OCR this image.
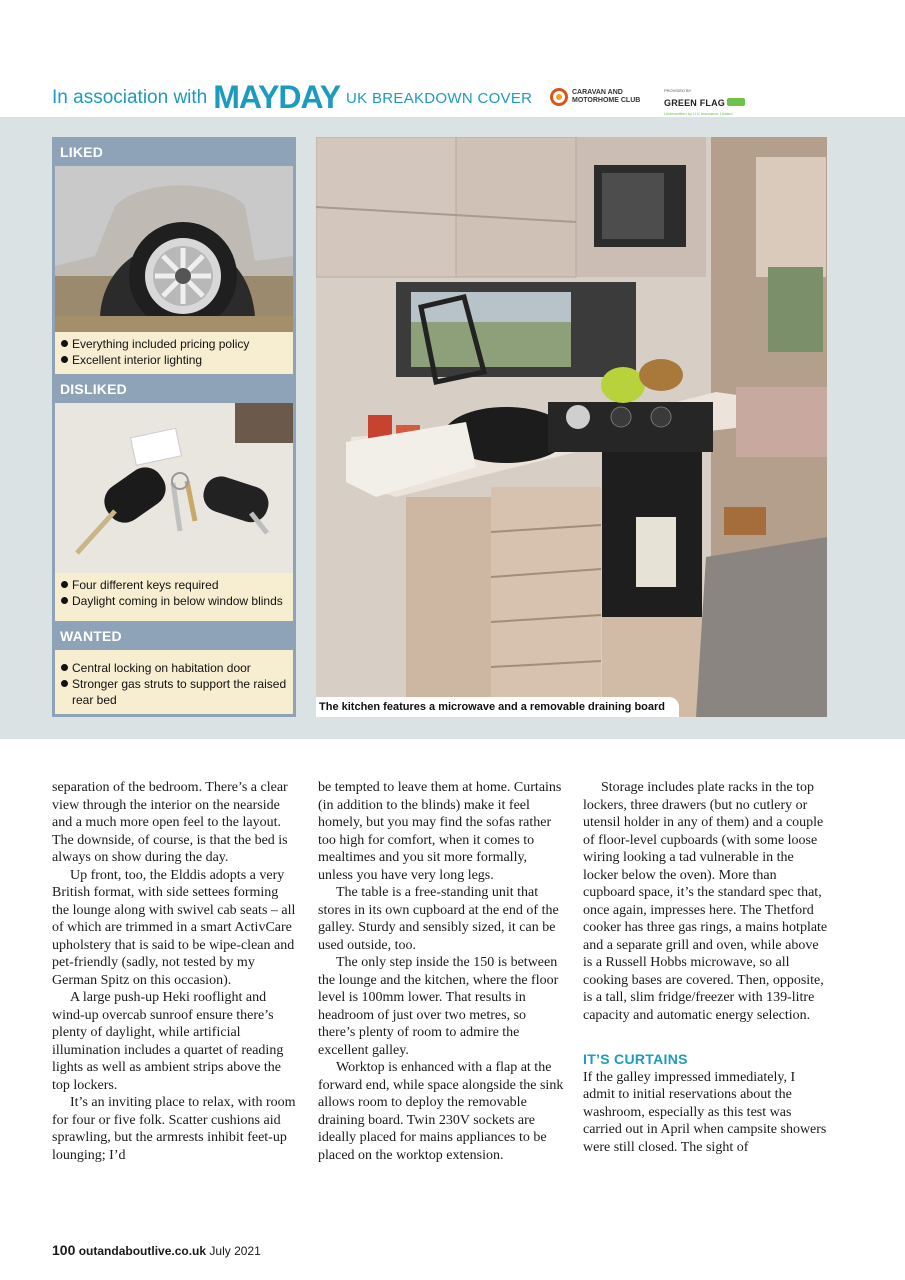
In association with MAYDAY UK BREAKDOWN COVER	CARAVAN AND MOTORHOME CLUB
PROVIDED BY
GREEN FLAG
Underwritten by U K Insurance Limited
LIKED
Everything included pricing policy
Excellent interior lighting
DISLIKED
Four different keys required
Daylight coming in below window blinds
WANTED
Central locking on habitation door
Stronger gas struts to support the raised rear bed	The kitchen features a microwave and a removable draining board

separation of the bedroom. There’s a clear view through the interior on the nearside and a much more open feel to the layout. The downside, of course, is that the bed is always on show during the day.

Up front, too, the Elddis adopts a very British format, with side settees forming the lounge along with swivel cab seats – all of which are trimmed in a smart ActivCare upholstery that is said to be wipe-clean and pet-friendly (sadly, not tested by my German Spitz on this occasion).

A large push-up Heki rooflight and wind-up overcab sunroof ensure there’s plenty of daylight, while artificial illumination includes a quartet of reading lights as well as ambient strips above the top lockers.

It’s an inviting place to relax, with room for four or five folk. Scatter cushions aid sprawling, but the armrests inhibit feet-up lounging; I’d

be tempted to leave them at home. Curtains (in addition to the blinds) make it feel homely, but you may find the sofas rather too high for comfort, when it comes to mealtimes and you sit more formally, unless you have very long legs.

The table is a free-standing unit that stores in its own cupboard at the end of the galley. Sturdy and sensibly sized, it can be used outside, too.

The only step inside the 150 is between the lounge and the kitchen, where the floor level is 100mm lower. That results in headroom of just over two metres, so there’s plenty of room to admire the excellent galley.

Worktop is enhanced with a flap at the forward end, while space alongside the sink allows room to deploy the removable draining board. Twin 230V sockets are ideally placed for mains appliances to be placed on the worktop extension.

Storage includes plate racks in the top lockers, three drawers (but no cutlery or utensil holder in any of them) and a couple of floor-level cupboards (with some loose wiring looking a tad vulnerable in the locker below the oven). More than cupboard space, it’s the standard spec that, once again, impresses here. The Thetford cooker has three gas rings, a mains hotplate and a separate grill and oven, while above is a Russell Hobbs microwave, so all cooking bases are covered. Then, opposite, is a tall, slim fridge/freezer with 139-litre capacity and automatic energy selection.

IT’S CURTAINS

If the galley impressed immediately, I admit to initial reservations about the washroom, especially as this test was carried out in April when campsite showers were still closed. The sight of

100 outandaboutlive.co.uk July 2021
